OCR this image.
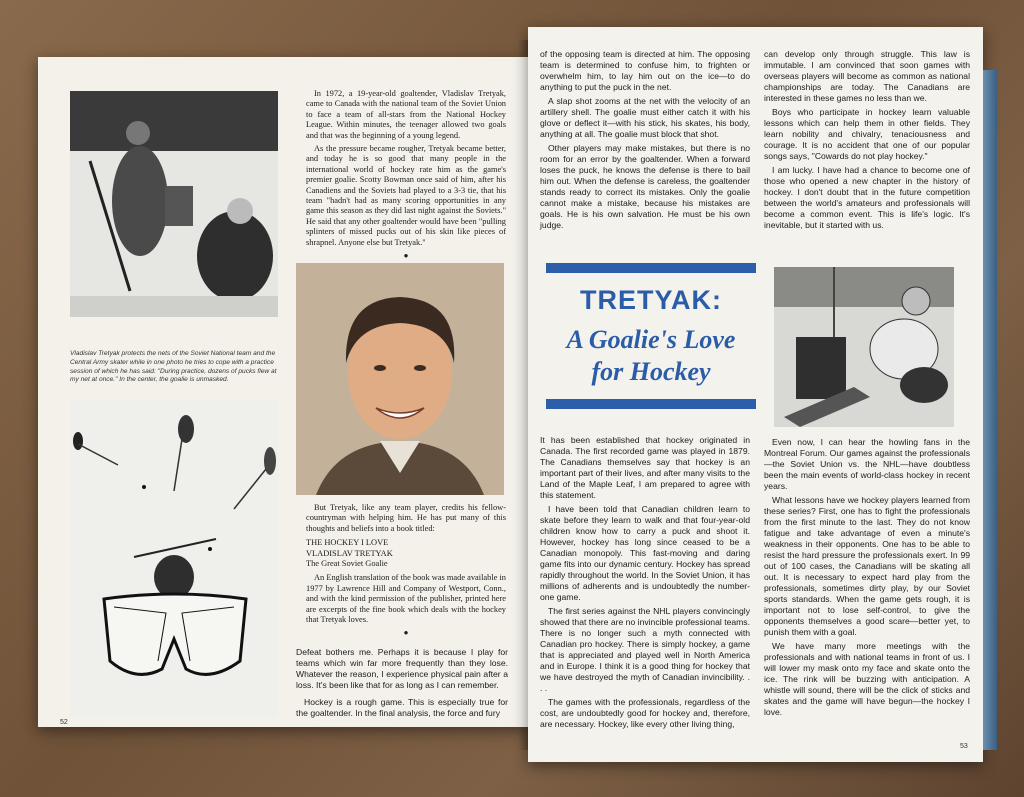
Vladislav Tretyak protects the nets of the Soviet National team and the Central Army skater while in one photo he tries to cope with a practice session of which he has said: "During practice, dozens of pucks flew at my net at once." In the center, the goalie is unmasked.
52

In 1972, a 19-year-old goaltender, Vladislav Tretyak, came to Canada with the national team of the Soviet Union to face a team of all-stars from the National Hockey League. Within minutes, the teenager allowed two goals and that was the beginning of a young legend.

As the pressure became rougher, Tretyak became better, and today he is so good that many people in the international world of hockey rate him as the game's premier goalie. Scotty Bowman once said of him, after his Canadiens and the Soviets had played to a 3-3 tie, that his team "hadn't had as many scoring opportunities in any game this season as they did last night against the Soviets." He said that any other goaltender would have been "pulling splinters of missed pucks out of his skin like pieces of shrapnel. Anyone else but Tretyak."

●

But Tretyak, like any team player, credits his fellow-countryman with helping him. He has put many of this thoughts and beliefs into a book titled:

THE HOCKEY I LOVE
VLADISLAV TRETYAK
The Great Soviet Goalie

An English translation of the book was made available in 1977 by Lawrence Hill and Company of Westport, Conn., and with the kind permission of the publisher, printed here are excerpts of the fine book which deals with the hockey that Tretyak loves.

●

Defeat bothers me. Perhaps it is because I play for teams which win far more frequently than they lose. Whatever the reason, I experience physical pain after a loss. It's been like that for as long as I can remember.

Hockey is a rough game. This is especially true for the goaltender. In the final analysis, the force and fury

of the opposing team is directed at him. The opposing team is determined to confuse him, to frighten or overwhelm him, to lay him out on the ice—to do anything to put the puck in the net.

A slap shot zooms at the net with the velocity of an artillery shell. The goalie must either catch it with his glove or deflect it—with his stick, his skates, his body, anything at all. The goalie must block that shot.

Other players may make mistakes, but there is no room for an error by the goaltender. When a forward loses the puck, he knows the defense is there to bail him out. When the defense is careless, the goaltender stands ready to correct its mistakes. Only the goalie cannot make a mistake, because his mistakes are goals. He is his own salvation. He must be his own judge.

TRETYAK:
A Goalie's Love
for Hockey

It has been established that hockey originated in Canada. The first recorded game was played in 1879. The Canadians themselves say that hockey is an important part of their lives, and after many visits to the Land of the Maple Leaf, I am prepared to agree with this statement.

I have been told that Canadian children learn to skate before they learn to walk and that four-year-old children know how to carry a puck and shoot it. However, hockey has long since ceased to be a Canadian monopoly. This fast-moving and daring game fits into our dynamic century. Hockey has spread rapidly throughout the world. In the Soviet Union, it has millions of adherents and is undoubtedly the number-one game.

The first series against the NHL players convincingly showed that there are no invincible professional teams. There is no longer such a myth connected with Canadian pro hockey. There is simply hockey, a game that is appreciated and played well in North America and in Europe. I think it is a good thing for hockey that we have destroyed the myth of Canadian invincibility. . . .

The games with the professionals, regardless of the cost, are undoubtedly good for hockey and, therefore, are necessary. Hockey, like every other living thing,

can develop only through struggle. This law is immutable. I am convinced that soon games with overseas players will become as common as national championships are today. The Canadians are interested in these games no less than we.

Boys who participate in hockey learn valuable lessons which can help them in other fields. They learn nobility and chivalry, tenaciousness and courage. It is no accident that one of our popular songs says, "Cowards do not play hockey."

I am lucky. I have had a chance to become one of those who opened a new chapter in the history of hockey. I don't doubt that in the future competition between the world's amateurs and professionals will become a common event. This is life's logic. It's inevitable, but it started with us.

Even now, I can hear the howling fans in the Montreal Forum. Our games against the professionals—the Soviet Union vs. the NHL—have doubtless been the main events of world-class hockey in recent years.

What lessons have we hockey players learned from these series? First, one has to fight the professionals from the first minute to the last. They do not know fatigue and take advantage of even a minute's weakness in their opponents. One has to be able to resist the hard pressure the professionals exert. In 99 out of 100 cases, the Canadians will be skating all out. It is necessary to expect hard play from the professionals, sometimes dirty play, by our Soviet sports standards. When the game gets rough, it is important not to lose self-control, to give the opponents themselves a good scare—better yet, to punish them with a goal.

We have many more meetings with the professionals and with national teams in front of us. I will lower my mask onto my face and skate onto the ice. The rink will be buzzing with anticipation. A whistle will sound, there will be the click of sticks and skates and the game will have begun—the hockey I love.

53
